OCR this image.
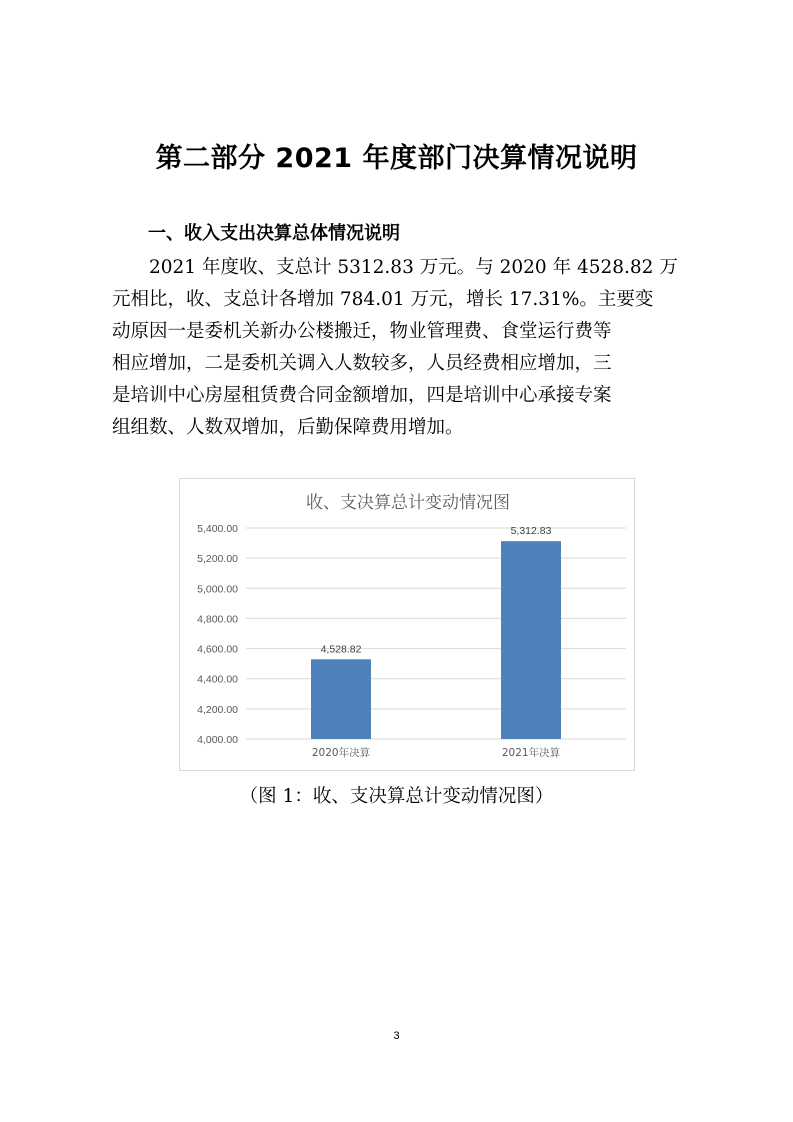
第二部分 2021 年度部门决算情况说明
一、收入支出决算总体情况说明

2021 年度收、支总计 5312.83 万元。与 2020 年 4528.82 万
元相比，收、支总计各增加 784.01 万元，增长 17.31%。主要变
动原因一是委机关新办公楼搬迁，物业管理费、食堂运行费等
相应增加，二是委机关调入人数较多，人员经费相应增加，三
是培训中心房屋租赁费合同金额增加，四是培训中心承接专案
组组数、人数双增加，后勤保障费用增加。

收、支决算总计变动情况图
4,000.00
4,200.00
4,400.00
4,600.00
4,800.00
5,000.00
5,200.00
5,400.00
4,528.82
2020年决算
5,312.83
2021年决算
（图 1：收、支决算总计变动情况图）
3
